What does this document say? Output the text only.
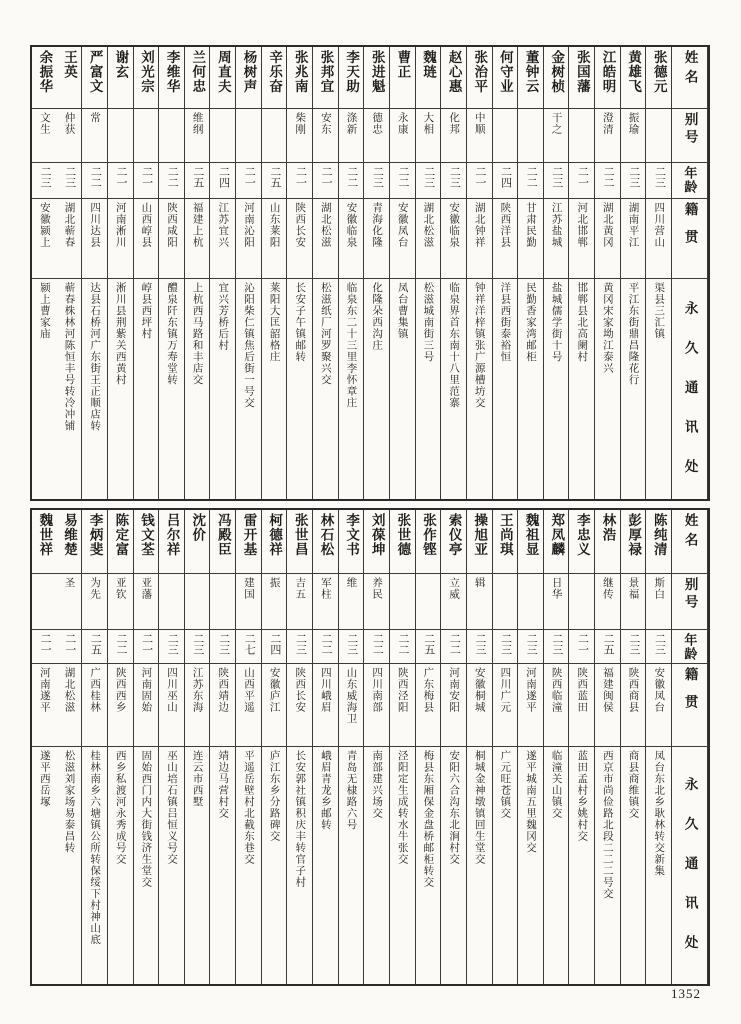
姓名
别号
年龄
籍贯
永久通讯处
张德元
二三
四川营山
渠县三汇镇
黄雄飞
振瑜
二三
湖南平江
平江东街鼎昌隆花行
江皓明
澄清
二二
湖北黄冈
黄冈宋家坳江泰兴
张国藩
二一
河北邯郸
邯郸县北高阑村
金树桢
干之
二三
江苏盐城
盐城儒学街十号
董钟云
二二
甘肃民勤
民勤香家湾邮柜
何守业
二四
陕西洋县
洋县西街泰裕恒
张治平
中顺
二一
湖北钟祥
钟祥洋梓镇张广源槽坊交
赵心惠
化邦
二三
安徽临泉
临泉界首东南十八里范寨
魏琏
大相
二三
湖北松滋
松滋城南街三号
曹正
永康
二二
安徽凤台
凤台曹集镇
张进魁
德忠
二三
青海化隆
化隆朵西沟庄
李天助
涤新
二二
安徽临泉
临泉东二十三里李怀章庄
张邦宜
安东
二一
湖北松滋
松滋纸厂河罗聚兴交
张兆南
柴刚
二一
陕西长安
长安子午镇邮转
辛乐奋
二五
山东莱阳
莱阳大匡韶格庄
杨树声
二一
河南沁阳
沁阳柴仁镇焦后街一号交
周直夫
二四
江苏宜兴
宜兴芳桥后村
兰何忠
维纲
二五
福建上杭
上杭西马路和丰店交
李维华
二二
陕西咸阳
醴泉阡东镇万寿堂转
刘光宗
二一
山西崞县
崞县西坪村
谢玄
二一
河南淅川
淅川县荆紫关西黄村
严富文
常
二二
四川达县
达县石桥河广东街王正顺店转
王英
仲获
二三
湖北蕲春
蕲春株林河陈恒丰号转冷冲铺
余振华
文生
二三
安徽颍上
颍上曹家庙
姓名
别号
年龄
籍贯
永久通讯处
陈纯清
斯白
二三
安徽凤台
凤台东北乡耿林转交新集
彭厚禄
景福
二三
陕西商县
商县商维镇交
林浩
继传
二五
福建闽侯
西京市尚俭路北段二二二号交
李忠义
二一
陕西蓝田
蓝田孟村乡姚村交
郑凤麟
日华
二三
陕西临潼
临潼关山镇交
魏祖显
二三
河南遂平
遂平城南五里魏冈交
王尚琪
二三
四川广元
广元旺苍镇交
操旭亚
辑
二三
安徽桐城
桐城金神墩镇回生堂交
索仪亭
立威
二二
河南安阳
安阳六合沟东北涧村交
张作铿
二五
广东梅县
梅县东厢保金盘桥邮柜转交
张世德
二二
陕西泾阳
泾阳定生成转水牛张交
刘葆坤
养民
二二
四川南部
南部建兴场交
李文书
维
二三
山东威海卫
青岛无棣路六号
林石松
军柱
二二
四川峨眉
峨眉青龙乡邮转
张世昌
吉五
二三
陕西长安
长安郭社镇积庆丰转官子村
柯德祥
振
二四
安徽庐江
庐江东乡分路碑交
雷开基
建国
二七
山西平遥
平遥岳壁村北截东巷交
冯殿臣
二三
陕西靖边
靖边马营村交
沈价
二三
江苏东海
连云市西墅
吕尔祥
二三
四川巫山
巫山培石镇吕恒义号交
钱文荃
亚藩
二一
河南固始
固始西门内大街钱济生堂交
陈定富
亚钦
二二
陕西西乡
西乡私渡河永秀成号交
李炳斐
为先
二五
广西桂林
桂林南乡六塘镇公所转保绥下村神山底
易维楚
圣
二一
湖北松滋
松滋刘家场易泰昌转
魏世祥
二一
河南遂平
遂平西岳塚
1352
